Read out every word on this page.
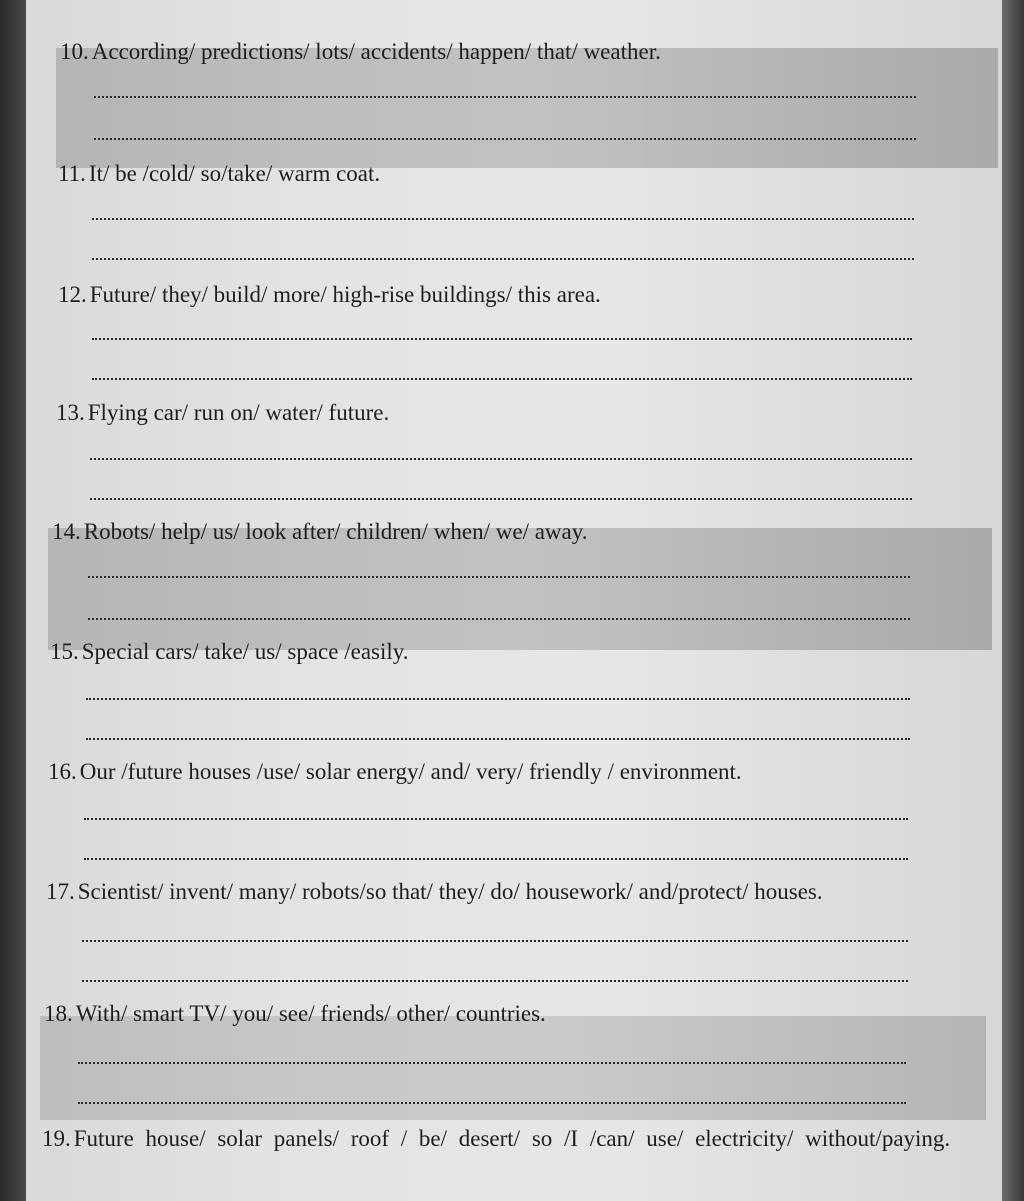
10. According/ predictions/ lots/ accidents/ happen/ that/ weather.
11. It/ be /cold/ so/take/ warm coat.
12. Future/ they/ build/ more/ high-rise buildings/ this area.
13. Flying car/ run on/ water/ future.
14. Robots/ help/ us/ look after/ children/ when/ we/ away.
15. Special cars/ take/ us/ space /easily.
16. Our /future houses /use/ solar energy/ and/ very/ friendly / environment.
17. Scientist/ invent/ many/ robots/so that/ they/ do/ housework/ and/protect/ houses.
18. With/ smart TV/ you/ see/ friends/ other/ countries.
19. Future house/ solar panels/ roof / be/ desert/ so /I /can/ use/ electricity/ without/paying.
